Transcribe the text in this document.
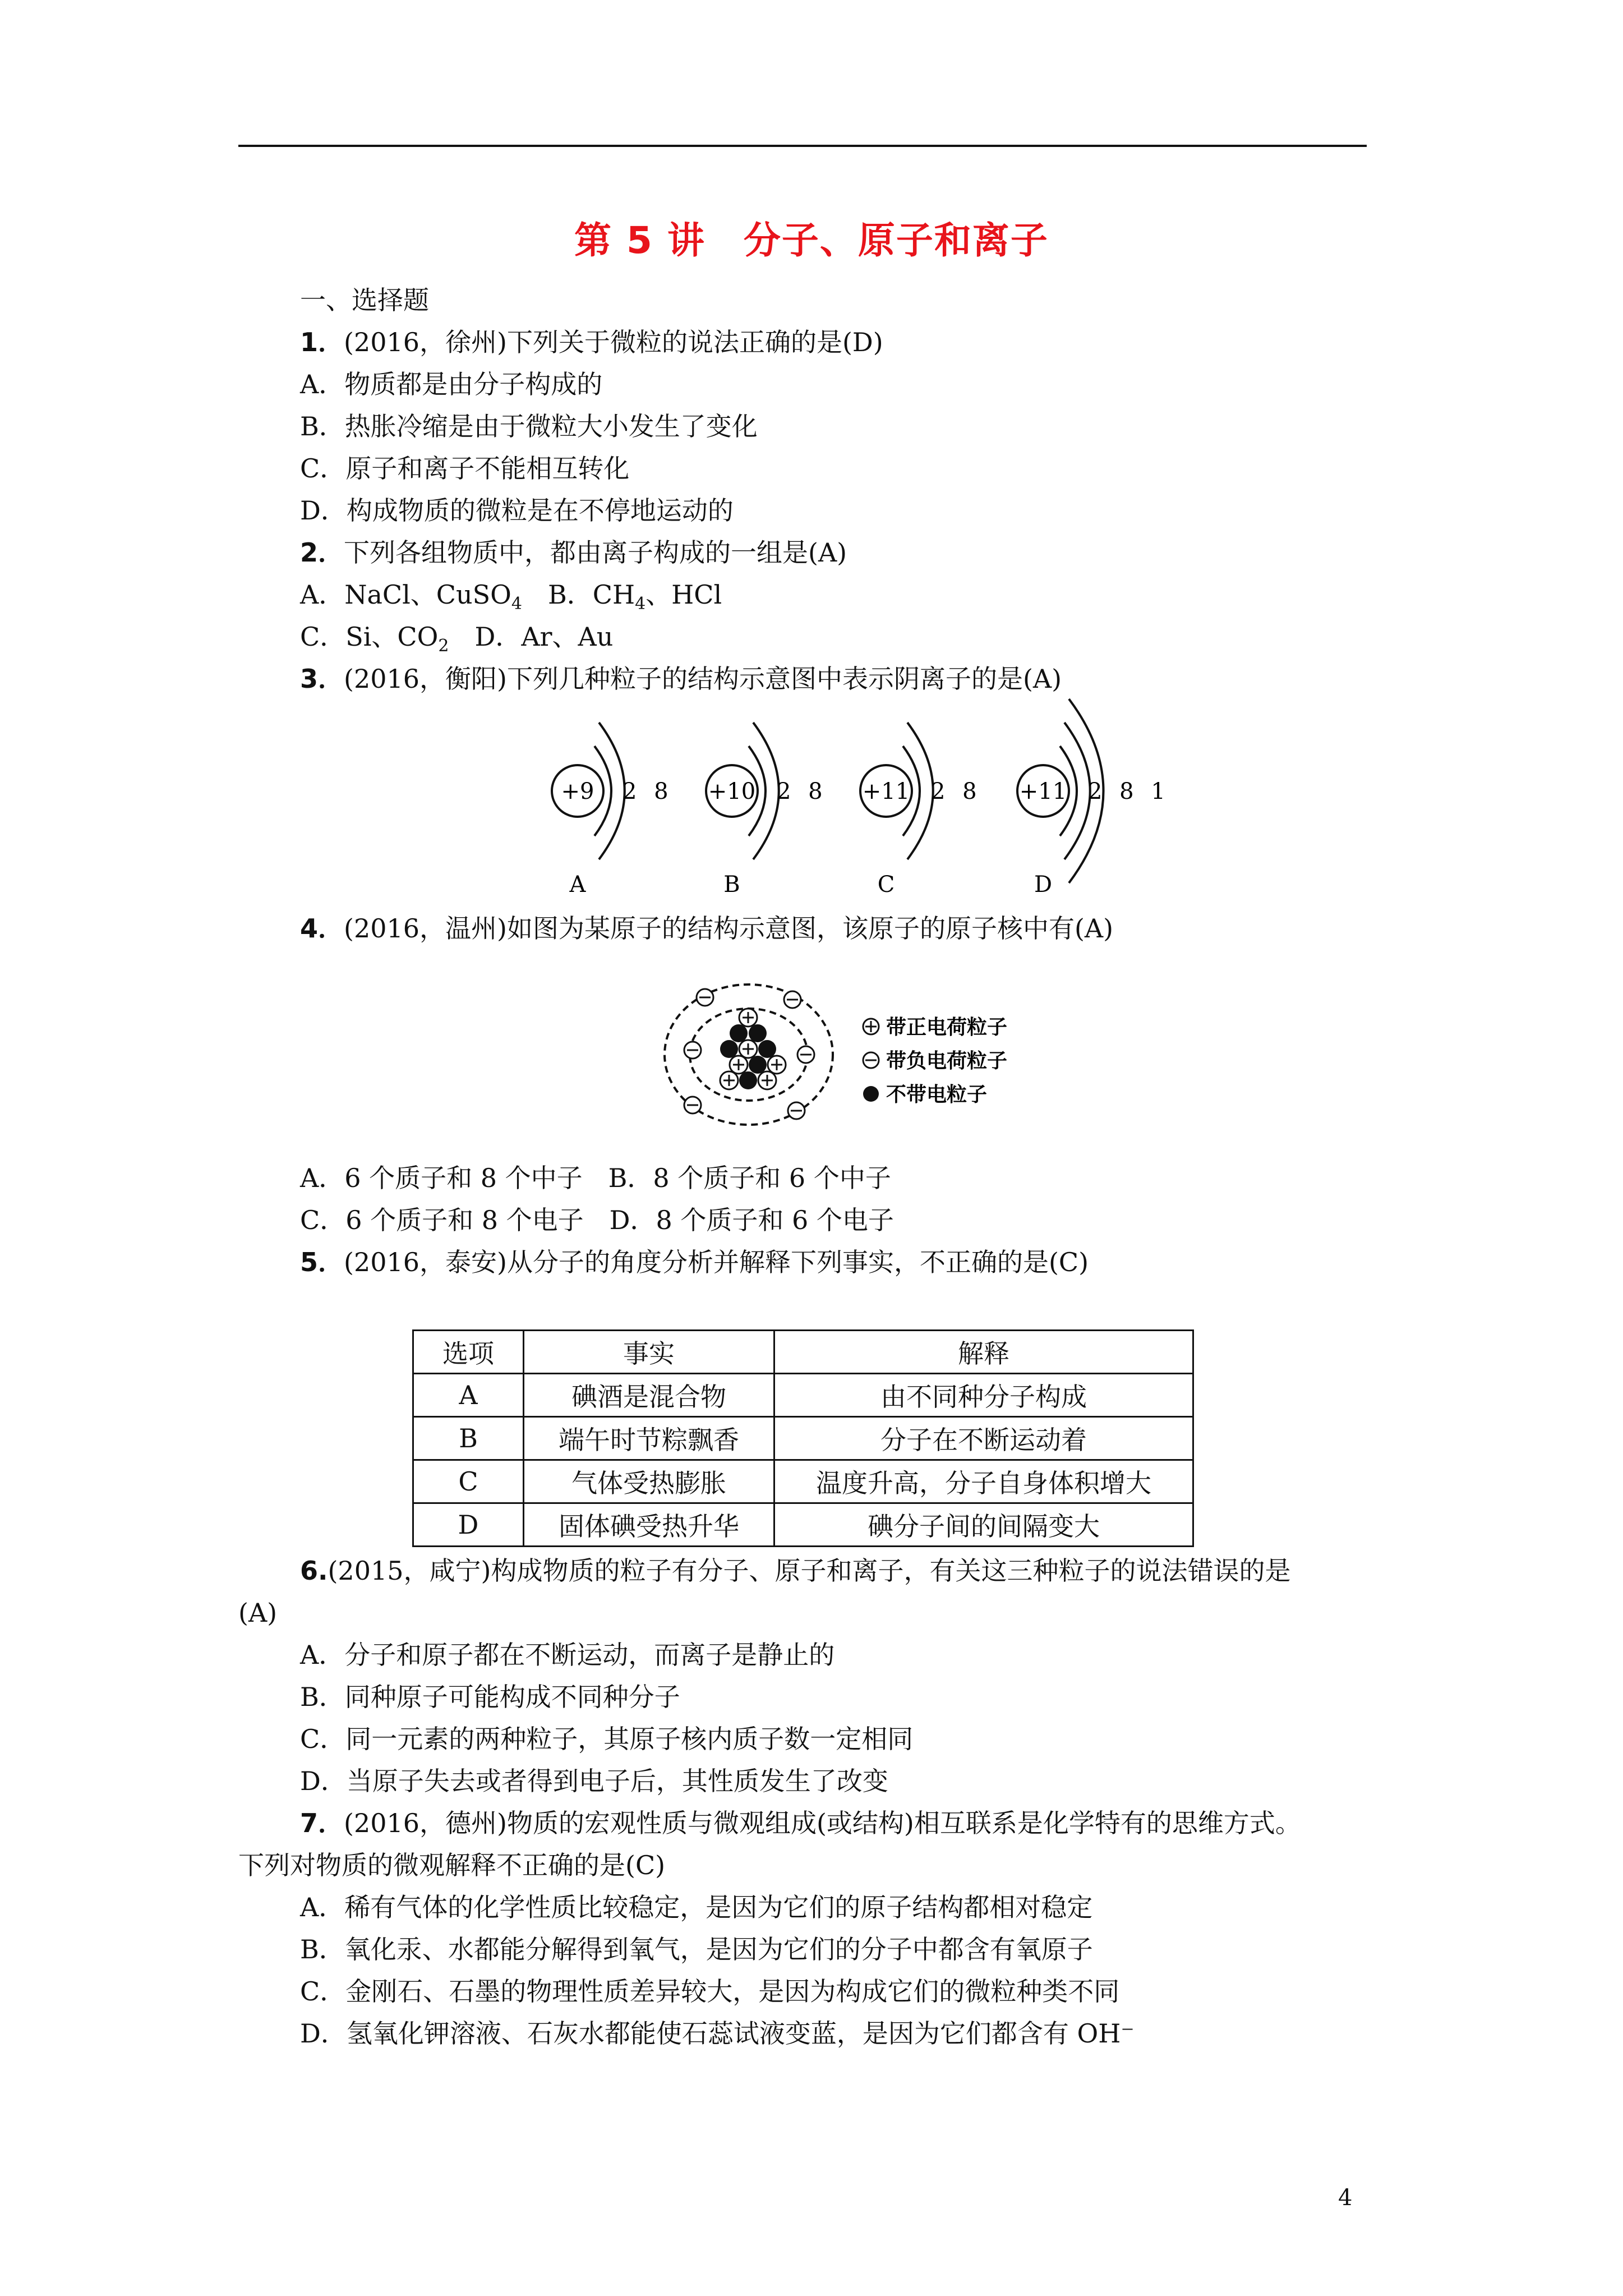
第 5 讲　分子、原子和离子
一、选择题
1．(2016，徐州)下列关于微粒的说法正确的是(D)
A．物质都是由分子构成的
B．热胀冷缩是由于微粒大小发生了变化
C．原子和离子不能相互转化
D．构成物质的微粒是在不停地运动的
2．下列各组物质中，都由离子构成的一组是(A)
A．NaCl、CuSO$_4$　B．$CH_4$、HCl
C．Si、$CO_2$　D．Ar、Au
3．(2016，衡阳)下列几种粒子的结构示意图中表示阴离子的是(A)
+9 2 8
A
+10 2 8
B
+11 2 8
C
+11 2 8 1
D
4．(2016，温州)如图为某原子的结构示意图，该原子的原子核中有(A)
带正电荷粒子
带负电荷粒子
不带电粒子
A．6 个质子和 8 个中子　B．8 个质子和 6 个中子
C．6 个质子和 8 个电子　D．8 个质子和 6 个电子
5．(2016，泰安)从分子的角度分析并解释下列事实，不正确的是(C)
选项	事实	解释
A	碘酒是混合物	由不同种分子构成
B	端午时节粽飘香	分子在不断运动着
C	气体受热膨胀	温度升高，分子自身体积增大
D	固体碘受热升华	碘分子间的间隔变大
6.(2015，咸宁)构成物质的粒子有分子、原子和离子，有关这三种粒子的说法错误的是
(A)
A．分子和原子都在不断运动，而离子是静止的
B．同种原子可能构成不同种分子
C．同一元素的两种粒子，其原子核内质子数一定相同
D．当原子失去或者得到电子后，其性质发生了改变
7．(2016，德州)物质的宏观性质与微观组成(或结构)相互联系是化学特有的思维方式。
下列对物质的微观解释不正确的是(C)
A．稀有气体的化学性质比较稳定，是因为它们的原子结构都相对稳定
B．氧化汞、水都能分解得到氧气，是因为它们的分子中都含有氧原子
C．金刚石、石墨的物理性质差异较大，是因为构成它们的微粒种类不同
D．氢氧化钾溶液、石灰水都能使石蕊试液变蓝，是因为它们都含有 OH⁻
4
